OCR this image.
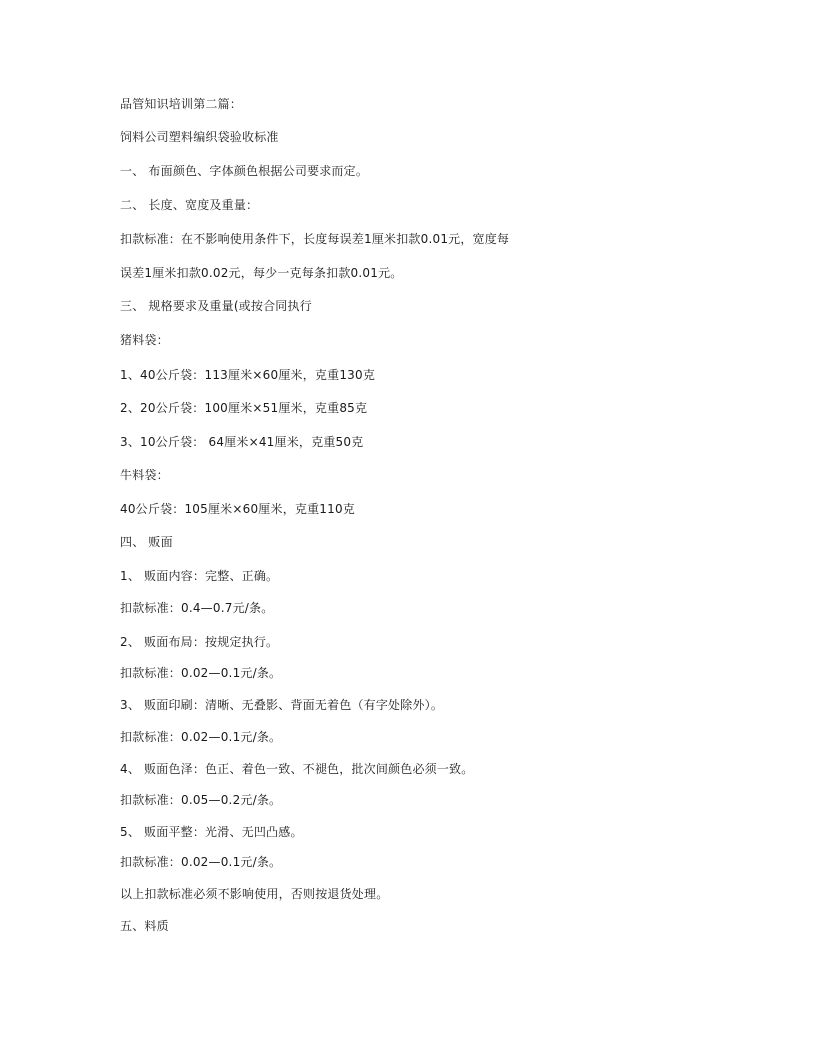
品管知识培训第二篇：
饲料公司塑料编织袋验收标准
一、 布面颜色、字体颜色根据公司要求而定。
二、 长度、宽度及重量：
扣款标准：在不影响使用条件下，长度每误差1厘米扣款0.01元，宽度每
误差1厘米扣款0.02元，每少一克每条扣款0.01元。
三、 规格要求及重量(或按合同执行
猪料袋：
1、40公斤袋：113厘米×60厘米，克重130克
2、20公斤袋：100厘米×51厘米，克重85克
3、10公斤袋： 64厘米×41厘米，克重50克
牛料袋：
40公斤袋：105厘米×60厘米，克重110克
四、 贩面
1、 贩面内容：完整、正确。
扣款标准：0.4—0.7元/条。
2、 贩面布局：按规定执行。
扣款标准：0.02—0.1元/条。
3、 贩面印刷：清晰、无叠影、背面无着色（有字处除外）。
扣款标准：0.02—0.1元/条。
4、 贩面色泽：色正、着色一致、不褪色，批次间颜色必须一致。
扣款标准：0.05—0.2元/条。
5、 贩面平整：光滑、无凹凸感。
扣款标准：0.02—0.1元/条。
以上扣款标准必须不影响使用，否则按退货处理。
五、料质
